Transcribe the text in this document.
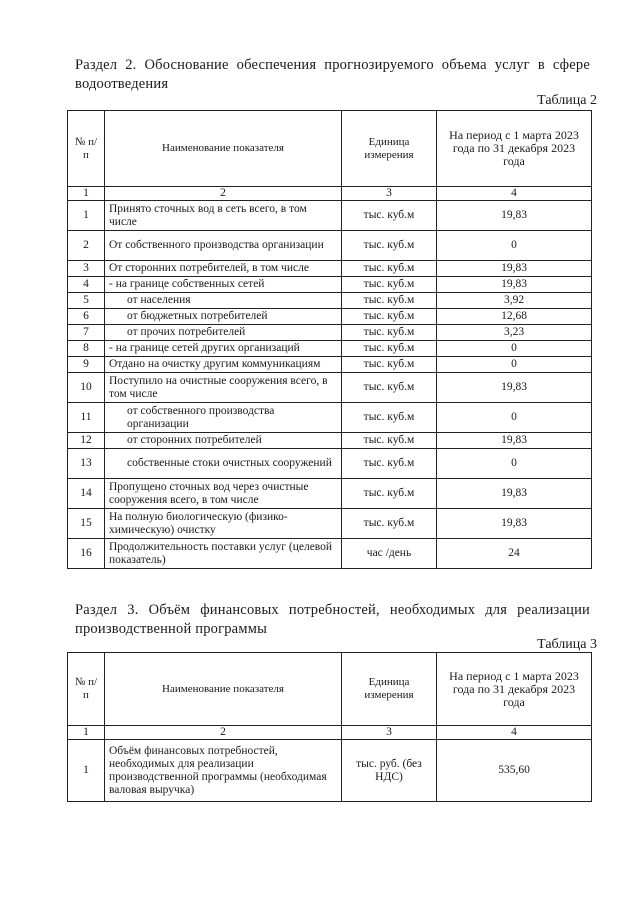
Раздел 2. Обоснование обеспечения прогнозируемого объема услуг в сфере водоотведения
Таблица 2
№ п/п	Наименование показателя	Единица измерения	На период с 1 марта 2023 года по 31 декабря 2023 года
1	2	3	4
1	Принято сточных вод в сеть всего, в том числе	тыс. куб.м	19,83
2	От собственного производства организации	тыс. куб.м	0
3	От сторонних потребителей, в том числе	тыс. куб.м	19,83
4	- на границе собственных сетей	тыс. куб.м	19,83
5	от населения	тыс. куб.м	3,92
6	от бюджетных потребителей	тыс. куб.м	12,68
7	от прочих потребителей	тыс. куб.м	3,23
8	- на границе сетей других организаций	тыс. куб.м	0
9	Отдано на очистку другим коммуникациям	тыс. куб.м	0
10	Поступило на очистные сооружения всего, в том числе	тыс. куб.м	19,83
11	от собственного производства организации	тыс. куб.м	0
12	от сторонних потребителей	тыс. куб.м	19,83
13	собственные стоки очистных сооружений	тыс. куб.м	0
14	Пропущено сточных вод через очистные сооружения всего, в том числе	тыс. куб.м	19,83
15	На полную биологическую (физико-химическую) очистку	тыс. куб.м	19,83
16	Продолжительность поставки услуг (целевой показатель)	час /день	24
Раздел 3. Объём финансовых потребностей, необходимых для реализации производственной программы
Таблица 3
№ п/п	Наименование показателя	Единица измерения	На период с 1 марта 2023 года по 31 декабря 2023 года
1	2	3	4
1	Объём финансовых потребностей, необходимых для реализации производственной программы (необходимая валовая выручка)	тыс. руб. (без НДС)	535,60
